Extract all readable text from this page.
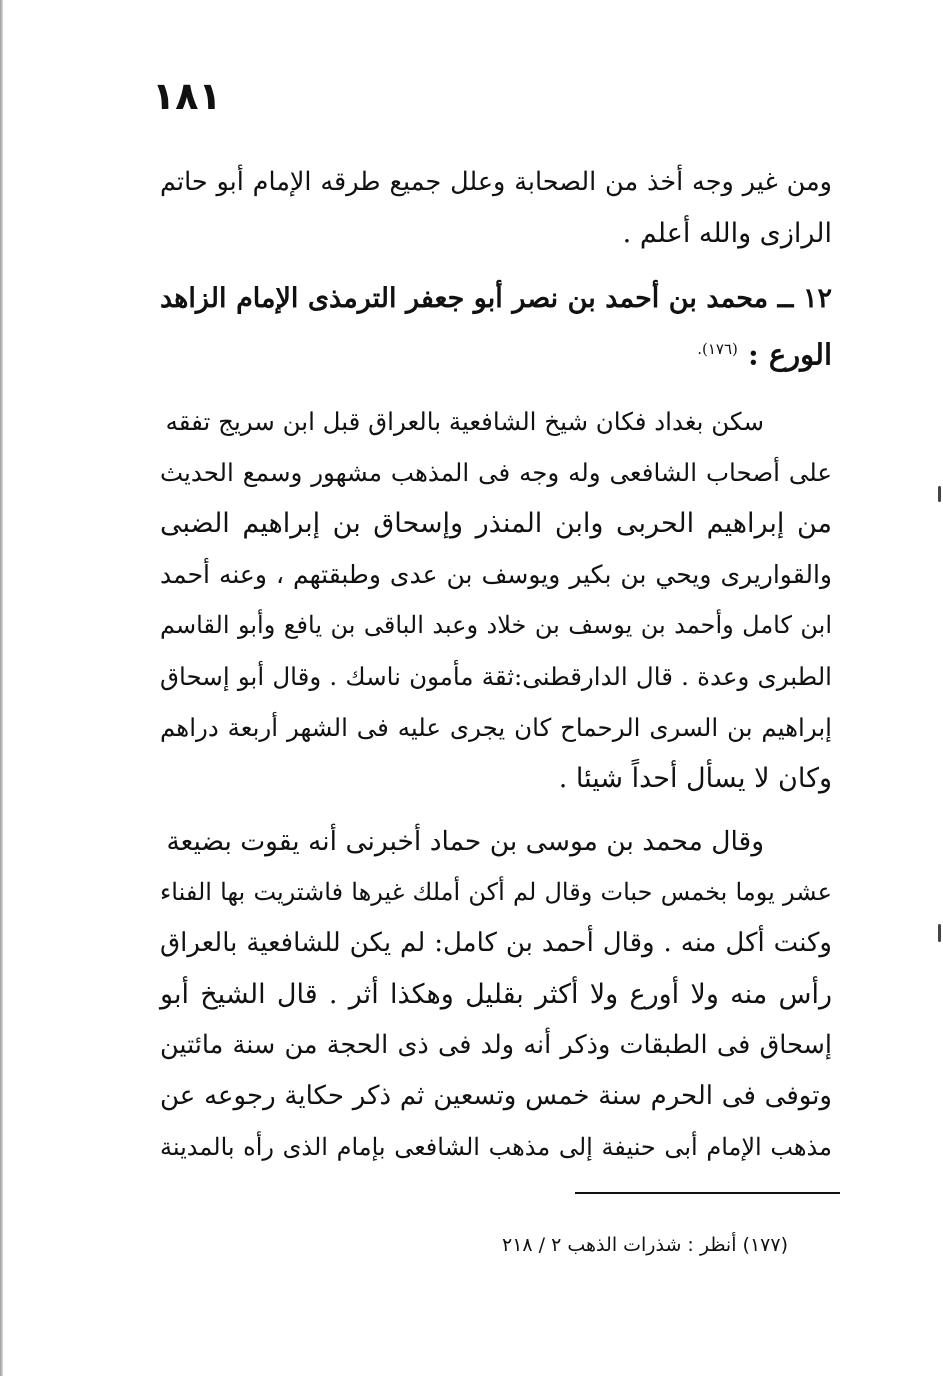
١٨١
ومن غير وجه أخذ من الصحابة وعلل جميع طرقه الإمام أبو حاتم
الرازى والله أعلم .
١٢ ــ محمد بن أحمد بن نصر أبو جعفر الترمذى الإمام الزاهد
الورع : $^{(١٧٦).}$
سكن بغداد فكان شيخ الشافعية بالعراق قبل ابن سريج تفقه
على أصحاب الشافعى وله وجه فى المذهب مشهور وسمع الحديث
من إبراهيم الحربى وابن المنذر وإسحاق بن إبراهيم الضبى
والقواريرى ويحي بن بكير ويوسف بن عدى وطبقتهم ، وعنه أحمد
ابن كامل وأحمد بن يوسف بن خلاد وعبد الباقى بن يافع وأبو القاسم
الطبرى وعدة . قال الدارقطنى:ثقة مأمون ناسك . وقال أبو إسحاق
إبراهيم بن السرى الرحماح كان يجرى عليه فى الشهر أربعة دراهم
وكان لا يسأل أحداً شيئا .
وقال محمد بن موسى بن حماد أخبرنى أنه يقوت بضيعة
عشر يوما بخمس حبات وقال لم أكن أملك غيرها فاشتريت بها الفناء
وكنت أكل منه . وقال أحمد بن كامل: لم يكن للشافعية بالعراق
رأس منه ولا أورع ولا أكثر بقليل وهكذا أثر . قال الشيخ أبو
إسحاق فى الطبقات وذكر أنه ولد فى ذى الحجة من سنة مائتين
وتوفى فى الحرم سنة خمس وتسعين ثم ذكر حكاية رجوعه عن
مذهب الإمام أبى حنيفة إلى مذهب الشافعى بإمام الذى رأه بالمدينة
(١٧٧) أنظر : شذرات الذهب ٢ / ٢١٨
